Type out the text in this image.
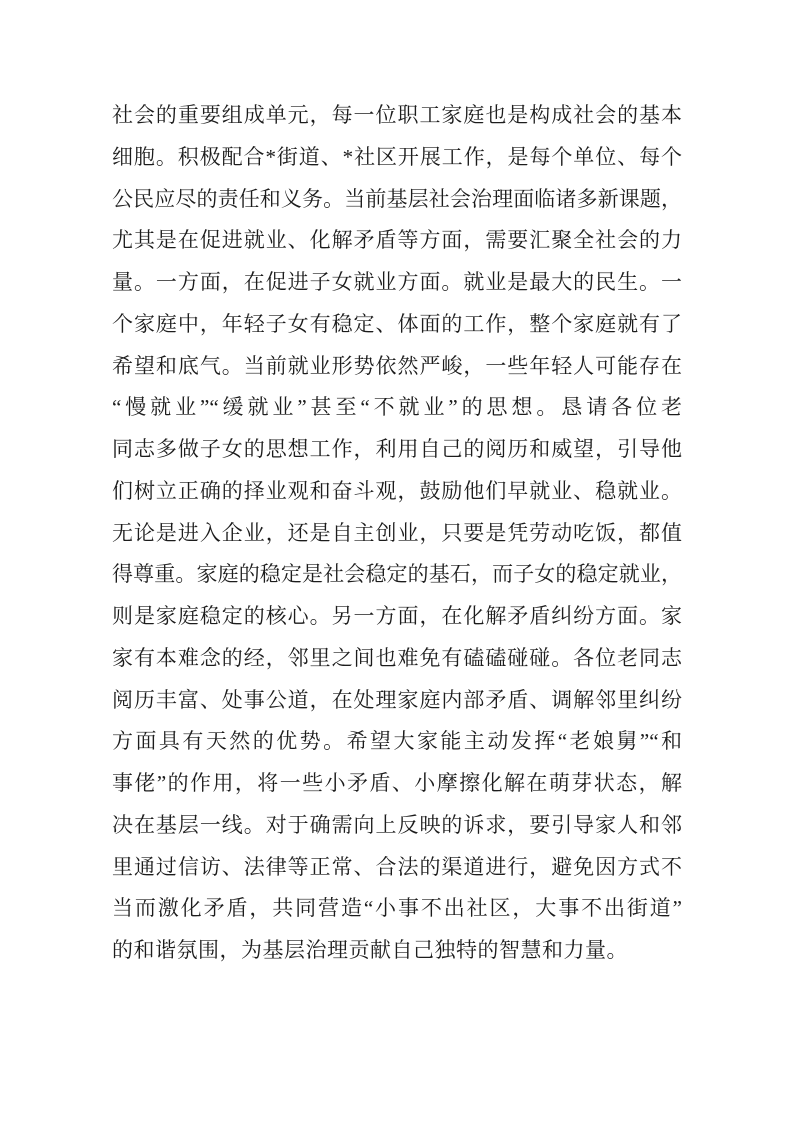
社会的重要组成单元，每一位职工家庭也是构成社会的基本
细胞。积极配合*街道、*社区开展工作，是每个单位、每个
公民应尽的责任和义务。当前基层社会治理面临诸多新课题，
尤其是在促进就业、化解矛盾等方面，需要汇聚全社会的力
量。一方面，在促进子女就业方面。就业是最大的民生。一
个家庭中，年轻子女有稳定、体面的工作，整个家庭就有了
希望和底气。当前就业形势依然严峻，一些年轻人可能存在
“慢就业”“缓就业”甚至“不就业”的思想。恳请各位老
同志多做子女的思想工作，利用自己的阅历和威望，引导他
们树立正确的择业观和奋斗观，鼓励他们早就业、稳就业。
无论是进入企业，还是自主创业，只要是凭劳动吃饭，都值
得尊重。家庭的稳定是社会稳定的基石，而子女的稳定就业，
则是家庭稳定的核心。另一方面，在化解矛盾纠纷方面。家
家有本难念的经，邻里之间也难免有磕磕碰碰。各位老同志
阅历丰富、处事公道，在处理家庭内部矛盾、调解邻里纠纷
方面具有天然的优势。希望大家能主动发挥“老娘舅”“和
事佬”的作用，将一些小矛盾、小摩擦化解在萌芽状态，解
决在基层一线。对于确需向上反映的诉求，要引导家人和邻
里通过信访、法律等正常、合法的渠道进行，避免因方式不
当而激化矛盾，共同营造“小事不出社区，大事不出街道”
的和谐氛围，为基层治理贡献自己独特的智慧和力量。
